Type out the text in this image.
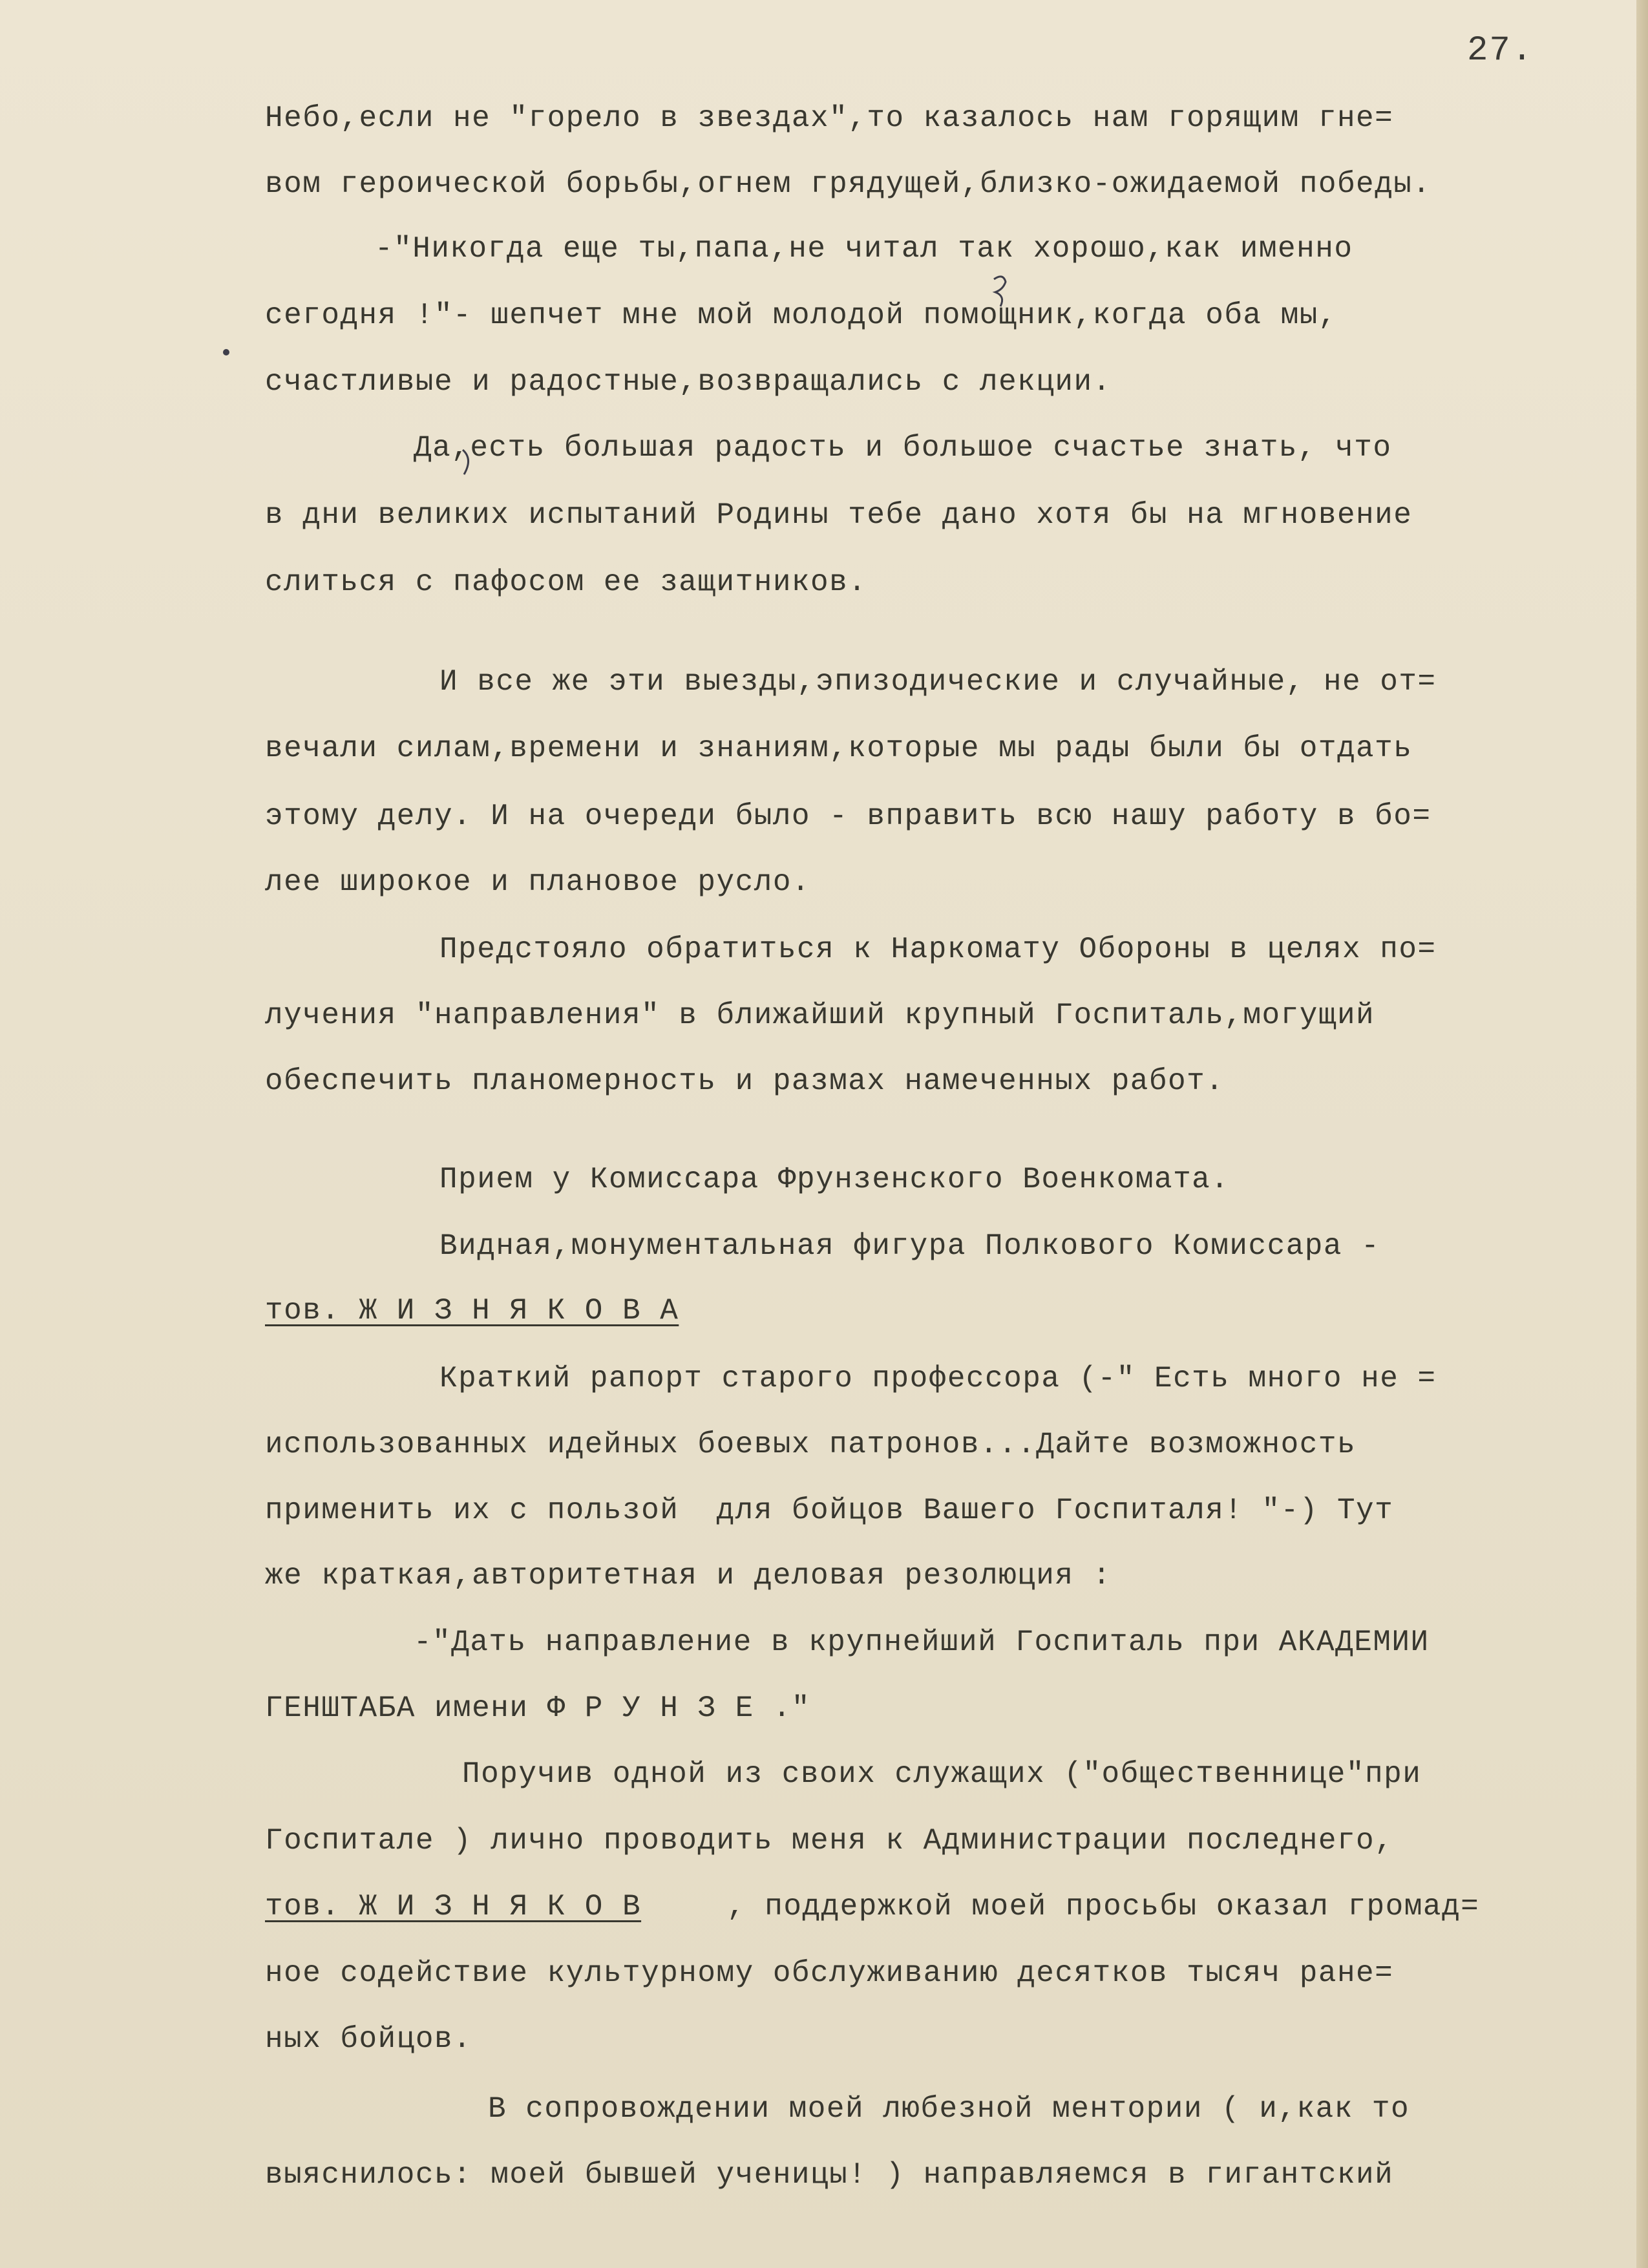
27.
Небо,если не "горело в звездах",то казалось нам горящим гне=
вом героической борьбы,огнем грядущей,близко-ожидаемой победы.
-"Никогда еще ты,папа,не читал так хорошо,как именно
сегодня !"- шепчет мне мой молодой помощник,когда оба мы,
счастливые и радостные,возвращались с лекции.
Да,есть большая радость и большое счастье знать, что
в дни великих испытаний Родины тебе дано хотя бы на мгновение
слиться с пафосом ее защитников.
И все же эти выезды,эпизодические и случайные, не от=
вечали силам,времени и знаниям,которые мы рады были бы отдать
этому делу. И на очереди было - вправить всю нашу работу в бо=
лее широкое и плановое русло.
Предстояло обратиться к Наркомату Обороны в целях по=
лучения "направления" в ближайший крупный Госпиталь,могущий
обеспечить планомерность и размах намеченных работ.
Прием у Комиссара Фрунзенского Военкомата.
Видная,монументальная фигура Полкового Комиссара -
тов. Ж И З Н Я К О В А
Краткий рапорт старого профессора (-" Есть много не =
использованных идейных боевых патронов...Дайте возможность
применить их с пользой  для бойцов Вашего Госпиталя! "-) Тут
же краткая,авторитетная и деловая резолюция :
-"Дать направление в крупнейший Госпиталь при АКАДЕМИИ
ГЕНШТАБА имени Ф Р У Н З Е ."
Поручив одной из своих служащих ("общественнице"при
Госпитале ) лично проводить меня к Администрации последнего,
тов. Ж И З Н Я К О В	, поддержкой моей просьбы оказал громад=
ное содействие культурному обслуживанию десятков тысяч ране=
ных бойцов.
В сопровождении моей любезной ментории ( и,как то
выяснилось: моей бывшей ученицы! ) направляемся в гигантский
